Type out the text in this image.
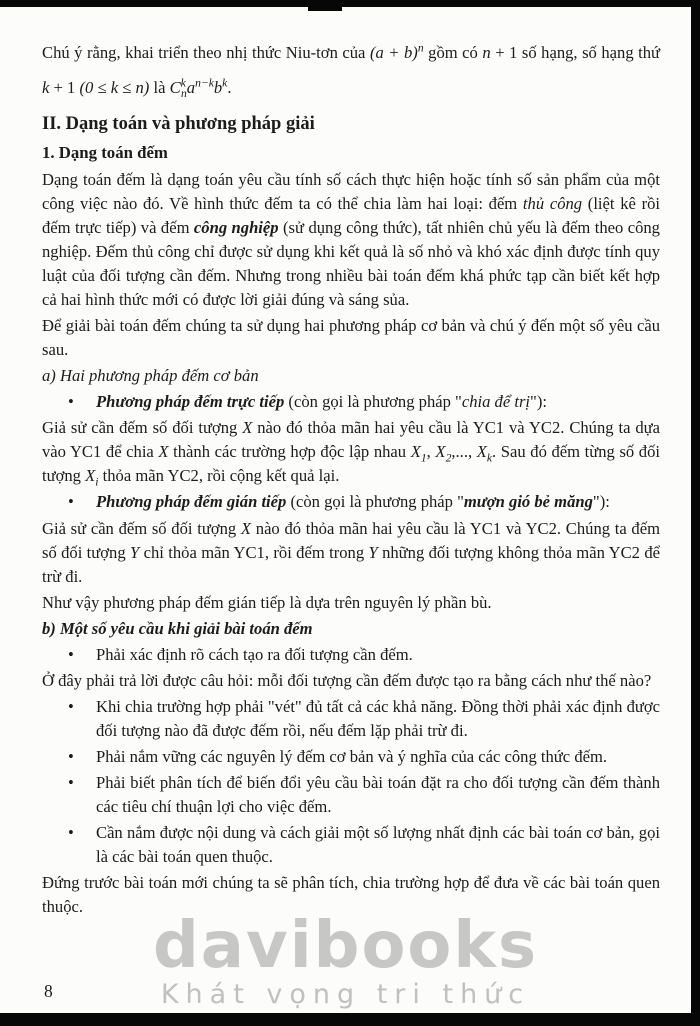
Chú ý rằng, khai triển theo nhị thức Niu-tơn của $(a + b)^n$ gồm có n + 1 số hạng, số hạng thứ k + 1 (0 ≤ k ≤ n) là $C^k_na^{n-k}b^k$.
II. Dạng toán và phương pháp giải
1. Dạng toán đếm
Dạng toán đếm là dạng toán yêu cầu tính số cách thực hiện hoặc tính số sản phẩm của một công việc nào đó. Về hình thức đếm ta có thể chia làm hai loại: đếm thủ công (liệt kê rồi đếm trực tiếp) và đếm công nghiệp (sử dụng công thức), tất nhiên chủ yếu là đếm theo công nghiệp. Đếm thủ công chỉ được sử dụng khi kết quả là số nhỏ và khó xác định được tính quy luật của đối tượng cần đếm. Nhưng trong nhiều bài toán đếm khá phức tạp cần biết kết hợp cả hai hình thức mới có được lời giải đúng và sáng sủa.
Để giải bài toán đếm chúng ta sử dụng hai phương pháp cơ bản và chú ý đến một số yêu cầu sau.
a) Hai phương pháp đếm cơ bản
•	Phương pháp đếm trực tiếp (còn gọi là phương pháp "chia để trị"):
Giả sử cần đếm số đối tượng X nào đó thỏa mãn hai yêu cầu là YC1 và YC2. Chúng ta dựa vào YC1 để chia X thành các trường hợp độc lập nhau $X_1$, $X_2$,..., $X_k$. Sau đó đếm từng số đối tượng $X_i$ thỏa mãn YC2, rồi cộng kết quả lại.
•	Phương pháp đếm gián tiếp (còn gọi là phương pháp "mượn gió bẻ măng"):
Giả sử cần đếm số đối tượng X nào đó thỏa mãn hai yêu cầu là YC1 và YC2. Chúng ta đếm số đối tượng Y chỉ thỏa mãn YC1, rồi đếm trong Y những đối tượng không thỏa mãn YC2 để trừ đi.
Như vậy phương pháp đếm gián tiếp là dựa trên nguyên lý phần bù.
b) Một số yêu cầu khi giải bài toán đếm
•	Phải xác định rõ cách tạo ra đối tượng cần đếm.
Ở đây phải trả lời được câu hỏi: mỗi đối tượng cần đếm được tạo ra bằng cách như thế nào?
•	Khi chia trường hợp phải "vét" đủ tất cả các khả năng. Đồng thời phải xác định được đối tượng nào đã được đếm rồi, nếu đếm lặp phải trừ đi.
•	Phải nắm vững các nguyên lý đếm cơ bản và ý nghĩa của các công thức đếm.
•	Phải biết phân tích để biến đổi yêu cầu bài toán đặt ra cho đối tượng cần đếm thành các tiêu chí thuận lợi cho việc đếm.
•	Cần nắm được nội dung và cách giải một số lượng nhất định các bài toán cơ bản, gọi là các bài toán quen thuộc.
Đứng trước bài toán mới chúng ta sẽ phân tích, chia trường hợp để đưa về các bài toán quen thuộc.
davibooks
Khát vọng tri thức
8
